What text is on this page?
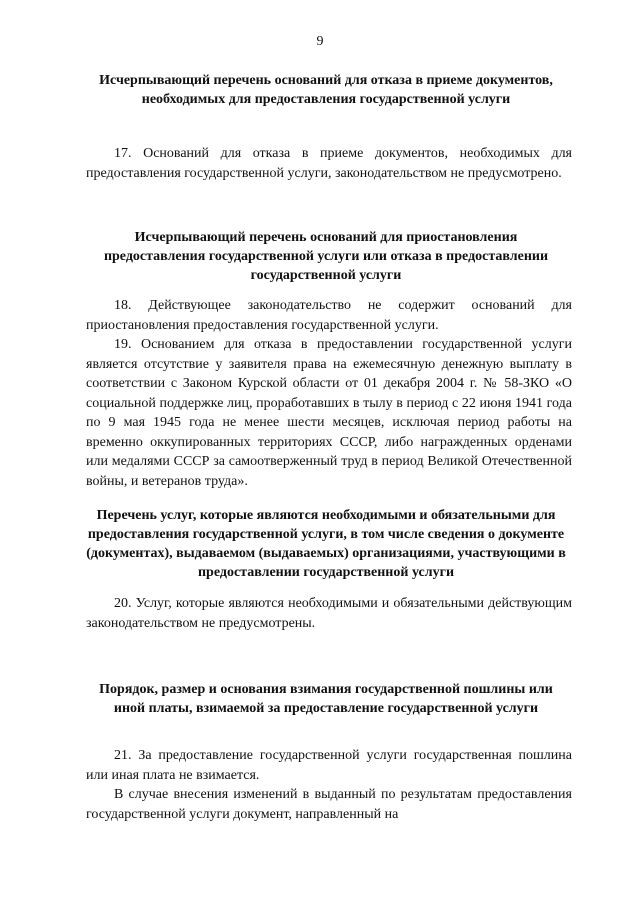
9
Исчерпывающий перечень оснований для отказа в приеме документов, необходимых для предоставления государственной услуги
17. Оснований для отказа в приеме документов, необходимых для предоставления государственной услуги, законодательством не предусмотрено.
Исчерпывающий перечень оснований для приостановления предоставления государственной услуги или отказа в предоставлении государственной услуги
18. Действующее законодательство не содержит оснований для приостановления предоставления государственной услуги.
19. Основанием для отказа в предоставлении государственной услуги является отсутствие у заявителя права на ежемесячную денежную выплату в соответствии с Законом Курской области от 01 декабря 2004 г. № 58-ЗКО «О социальной поддержке лиц, проработавших в тылу в период с 22 июня 1941 года по 9 мая 1945 года не менее шести месяцев, исключая период работы на временно оккупированных территориях СССР, либо награжденных орденами или медалями СССР за самоотверженный труд в период Великой Отечественной войны, и ветеранов труда».
Перечень услуг, которые являются необходимыми и обязательными для предоставления государственной услуги, в том числе сведения о документе (документах), выдаваемом (выдаваемых) организациями, участвующими в предоставлении государственной услуги
20. Услуг, которые являются необходимыми и обязательными действующим законодательством не предусмотрены.
Порядок, размер и основания взимания государственной пошлины или иной платы, взимаемой за предоставление государственной услуги
21. За предоставление государственной услуги государственная пошлина или иная плата не взимается.
В случае внесения изменений в выданный по результатам предоставления государственной услуги документ, направленный на
